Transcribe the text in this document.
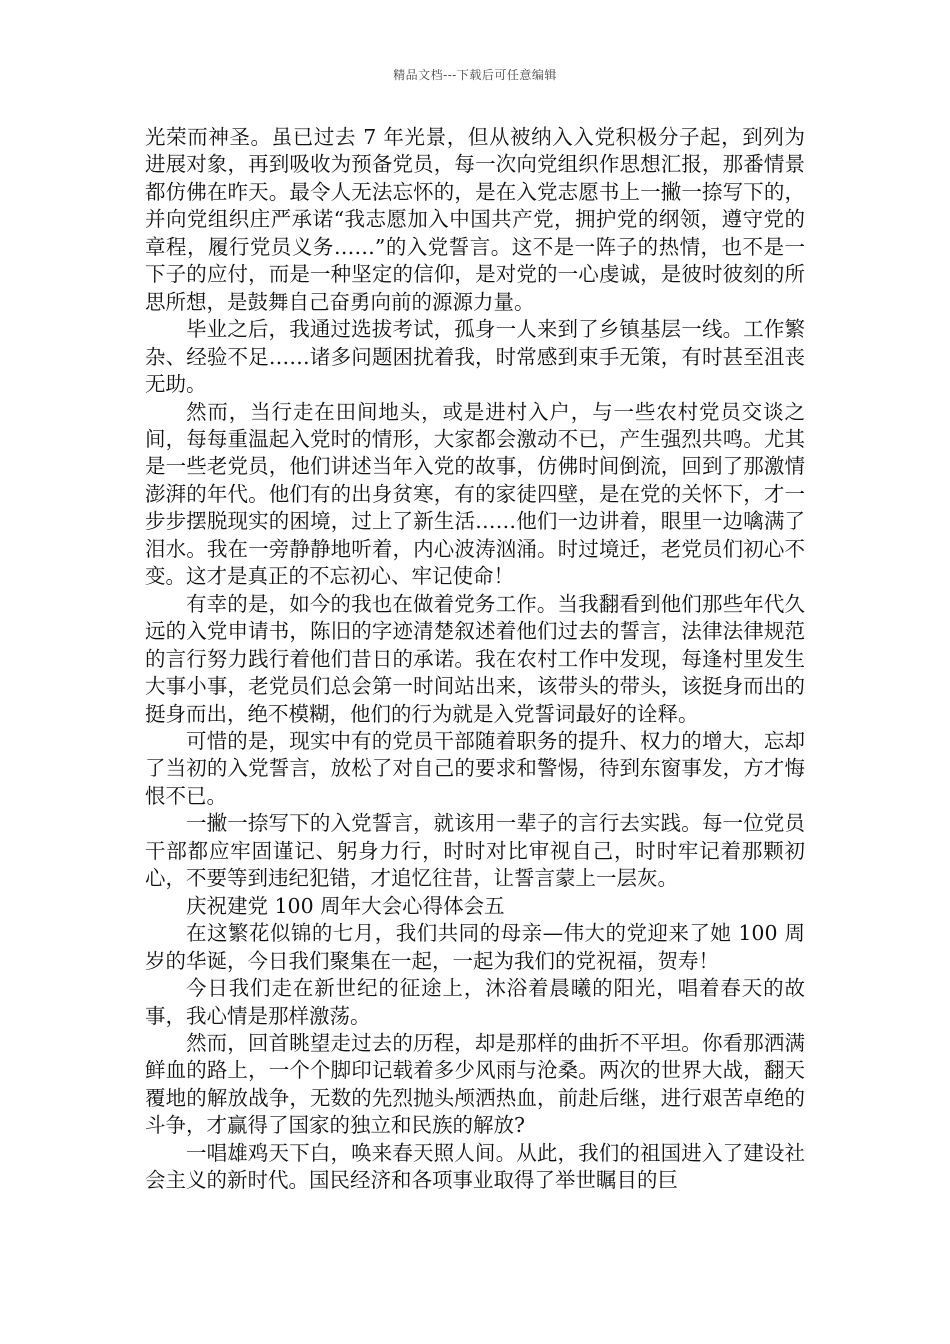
精品文档---下载后可任意编辑

光荣而神圣。虽已过去 7 年光景，但从被纳入入党积极分子起，到列为进展对象，再到吸收为预备党员，每一次向党组织作思想汇报，那番情景都仿佛在昨天。最令人无法忘怀的，是在入党志愿书上一撇一捺写下的，并向党组织庄严承诺“我志愿加入中国共产党，拥护党的纲领，遵守党的章程，履行党员义务……”的入党誓言。这不是一阵子的热情，也不是一下子的应付，而是一种坚定的信仰，是对党的一心虔诚，是彼时彼刻的所思所想，是鼓舞自己奋勇向前的源源力量。

毕业之后，我通过选拔考试，孤身一人来到了乡镇基层一线。工作繁杂、经验不足……诸多问题困扰着我，时常感到束手无策，有时甚至沮丧无助。

然而，当行走在田间地头，或是进村入户，与一些农村党员交谈之间，每每重温起入党时的情形，大家都会激动不已，产生强烈共鸣。尤其是一些老党员，他们讲述当年入党的故事，仿佛时间倒流，回到了那激情澎湃的年代。他们有的出身贫寒，有的家徒四壁，是在党的关怀下，才一步步摆脱现实的困境，过上了新生活……他们一边讲着，眼里一边噙满了泪水。我在一旁静静地听着，内心波涛汹涌。时过境迁，老党员们初心不变。这才是真正的不忘初心、牢记使命！

有幸的是，如今的我也在做着党务工作。当我翻看到他们那些年代久远的入党申请书，陈旧的字迹清楚叙述着他们过去的誓言，法律法律规范的言行努力践行着他们昔日的承诺。我在农村工作中发现，每逢村里发生大事小事，老党员们总会第一时间站出来，该带头的带头，该挺身而出的挺身而出，绝不模糊，他们的行为就是入党誓词最好的诠释。

可惜的是，现实中有的党员干部随着职务的提升、权力的增大，忘却了当初的入党誓言，放松了对自己的要求和警惕，待到东窗事发，方才悔恨不已。

一撇一捺写下的入党誓言，就该用一辈子的言行去实践。每一位党员干部都应牢固谨记、躬身力行，时时对比审视自己，时时牢记着那颗初心，不要等到违纪犯错，才追忆往昔，让誓言蒙上一层灰。

庆祝建党 100 周年大会心得体会五

在这繁花似锦的七月，我们共同的母亲—伟大的党迎来了她 100 周岁的华诞，今日我们聚集在一起，一起为我们的党祝福，贺寿！

今日我们走在新世纪的征途上，沐浴着晨曦的阳光，唱着春天的故事，我心情是那样激荡。

然而，回首眺望走过去的历程，却是那样的曲折不平坦。你看那洒满鲜血的路上，一个个脚印记载着多少风雨与沧桑。两次的世界大战，翻天覆地的解放战争，无数的先烈抛头颅洒热血，前赴后继，进行艰苦卓绝的斗争，才赢得了国家的独立和民族的解放?

一唱雄鸡天下白，唤来春天照人间。从此，我们的祖国进入了建设社会主义的新时代。国民经济和各项事业取得了举世瞩目的巨
